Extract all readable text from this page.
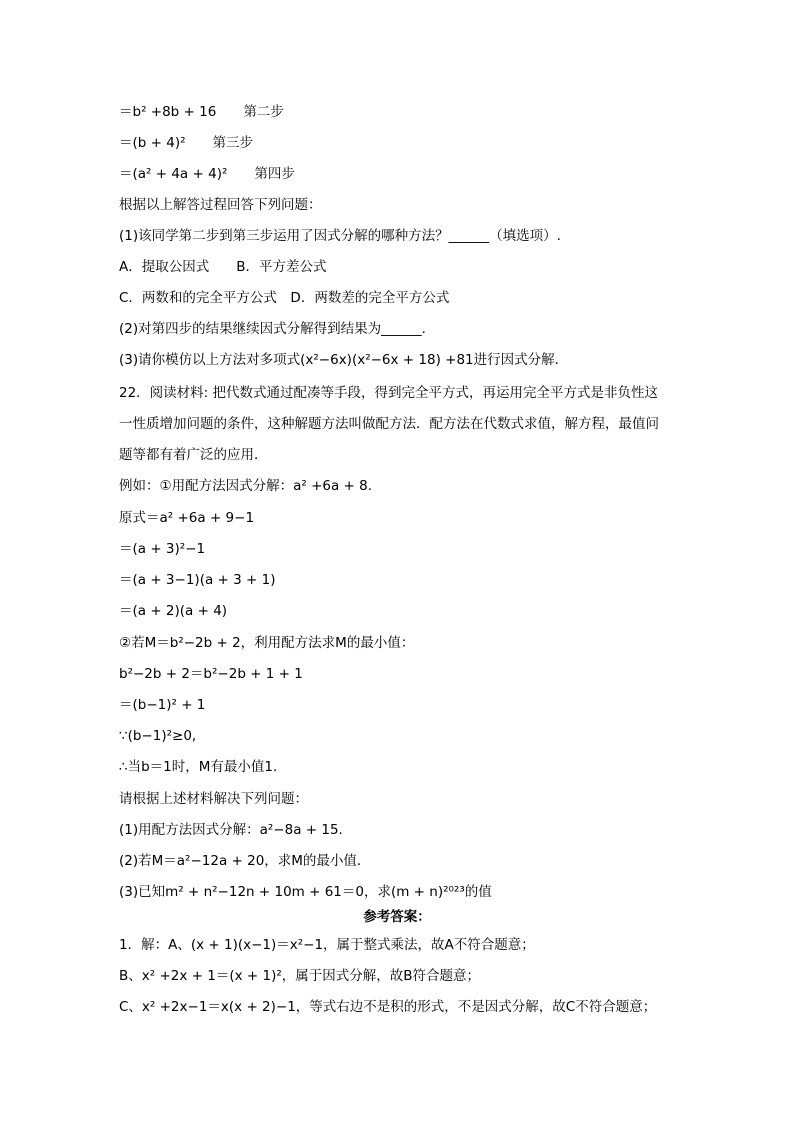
＝b² +8b + 16　　第二步
＝(b + 4)²　　第三步
＝(a² + 4a + 4)²　　第四步
根据以上解答过程回答下列问题：
(1)该同学第二步到第三步运用了因式分解的哪种方法？______（填选项）.
A．提取公因式　　B．平方差公式
C．两数和的完全平方公式　D．两数差的完全平方公式
(2)对第四步的结果继续因式分解得到结果为______．
(3)请你模仿以上方法对多项式(x²−6x)(x²−6x + 18) +81进行因式分解．
22．阅读材料: 把代数式通过配凑等手段，得到完全平方式，再运用完全平方式是非负性这
一性质增加问题的条件，这种解题方法叫做配方法．配方法在代数式求值，解方程，最值问
题等都有着广泛的应用．
例如：①用配方法因式分解：a² +6a + 8.
原式＝a² +6a + 9−1
＝(a + 3)²−1
＝(a + 3−1)(a + 3 + 1)
＝(a + 2)(a + 4)
②若M＝b²−2b + 2，利用配方法求M的最小值：
b²−2b + 2＝b²−2b + 1 + 1
＝(b−1)² + 1
∵(b−1)²≥0,
∴当b＝1时，M有最小值1．
请根据上述材料解决下列问题：
(1)用配方法因式分解：a²−8a + 15.
(2)若M＝a²−12a + 20，求M的最小值．
(3)已知m² + n²−12n + 10m + 61＝0，求(m + n)²⁰²³的值
参考答案：
1．解：A、(x + 1)(x−1)＝x²−1，属于整式乘法，故A不符合题意；
B、x² +2x + 1＝(x + 1)²，属于因式分解，故B符合题意；
C、x² +2x−1＝x(x + 2)−1，等式右边不是积的形式，不是因式分解，故C不符合题意；
